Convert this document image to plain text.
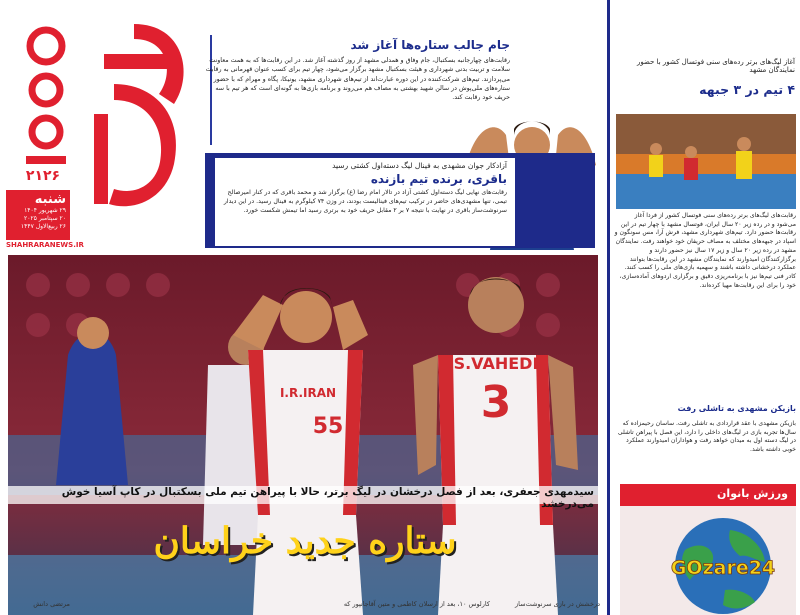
۲۱۲۶
شنبه
۲۹ شهریور ۱۴۰۴
۲۰ سپتامبر ۲۰۲۵
۲۶ ربیع‌الاول ۱۴۴۷
SHAHRARANEWS.IR
جام جالب ستاره‌ها آغاز شد
رقابت‌های چهارجانبه بسکتبال، جام وفاق و همدلی مشهد از روز گذشته آغاز شد. در این رقابت‌ها که به همت معاونت سلامت و تربیت بدنی شهرداری و هیئت بسکتبال مشهد برگزار می‌شود، چهار تیم برای کسب عنوان قهرمانی به رقابت می‌پردازند. تیم‌های شرکت‌کننده در این دوره عبارت‌اند از تیم‌های شهرداری مشهد، یونیکا، پگاه و مهرام که با حضور ستاره‌های ملی‌پوش در سالن شهید بهشتی به مصاف هم می‌روند و برنامه بازی‌ها به گونه‌ای است که هر تیم با سه حریف خود رقابت کند.
آزادکار جوان مشهدی به فینال لیگ دسته‌اول کشتی رسید
باقری، برنده تیم بازنده
رقابت‌های نهایی لیگ دسته‌اول کشتی آزاد در تالار امام رضا (ع) برگزار شد و محمد باقری که در کنار امیرصالح تیمی، تنها مشهدی‌های حاضر در ترکیب تیم‌های فینالیست بودند، در وزن ۷۴ کیلوگرم به فینال رسید. در این دیدار سرنوشت‌ساز باقری در نهایت با نتیجه ۷ بر ۲ مقابل حریف خود به برتری رسید اما تیمش شکست خورد.
I.R.IRAN
55
S.VAHEDI
3
سیدمهدی جعفری، بعد از فصل درخشان در لیگ برتر، حالا با پیراهن تیم ملی بسکتبال در کاپ آسیا خوش می‌درخشد
ستاره جدید خراسان
کارلوس ۱۰، بعد از ارسلان کاظمی و متین آقاجانپور که	درخشش در بازی سرنوشت‌ساز
مرتضی دانش
آغاز لیگ‌های برتر رده‌های سنی فوتسال کشور با حضور نمایندگان مشهد
۴ تیم در ۳ جبهه
رقابت‌های لیگ‌های برتر رده‌های سنی فوتسال کشور از فردا آغاز می‌شود و در رده زیر ۲۰ سال ایران، فوتسال مشهد با چهار تیم در این رقابت‌ها حضور دارد. تیم‌های شهرداری مشهد، فرش آرا، مس سونگون و اسپاد در جبهه‌های مختلف به مصاف حریفان خود خواهند رفت. نمایندگان مشهد در رده زیر ۲۰ سال و زیر ۱۷ سال نیز حضور دارند و برگزارکنندگان امیدوارند که نمایندگان مشهد در این رقابت‌ها بتوانند عملکرد درخشانی داشته باشند و سهمیه بازی‌های ملی را کسب کنند. کادر فنی تیم‌ها نیز با برنامه‌ریزی دقیق و برگزاری اردوهای آماده‌سازی، خود را برای این رقابت‌ها مهیا کرده‌اند.
بازیکن مشهدی به تاشلی رفت
بازیکن مشهدی با عقد قراردادی به تاشلی رفت. ساسان رحیمزاده که سال‌ها تجربه بازی در لیگ‌های داخلی را دارد، این فصل با پیراهن تاشلی در لیگ دسته اول به میدان خواهد رفت و هواداران امیدوارند عملکرد خوبی داشته باشد.
ورزش بانوان
GOzare24
